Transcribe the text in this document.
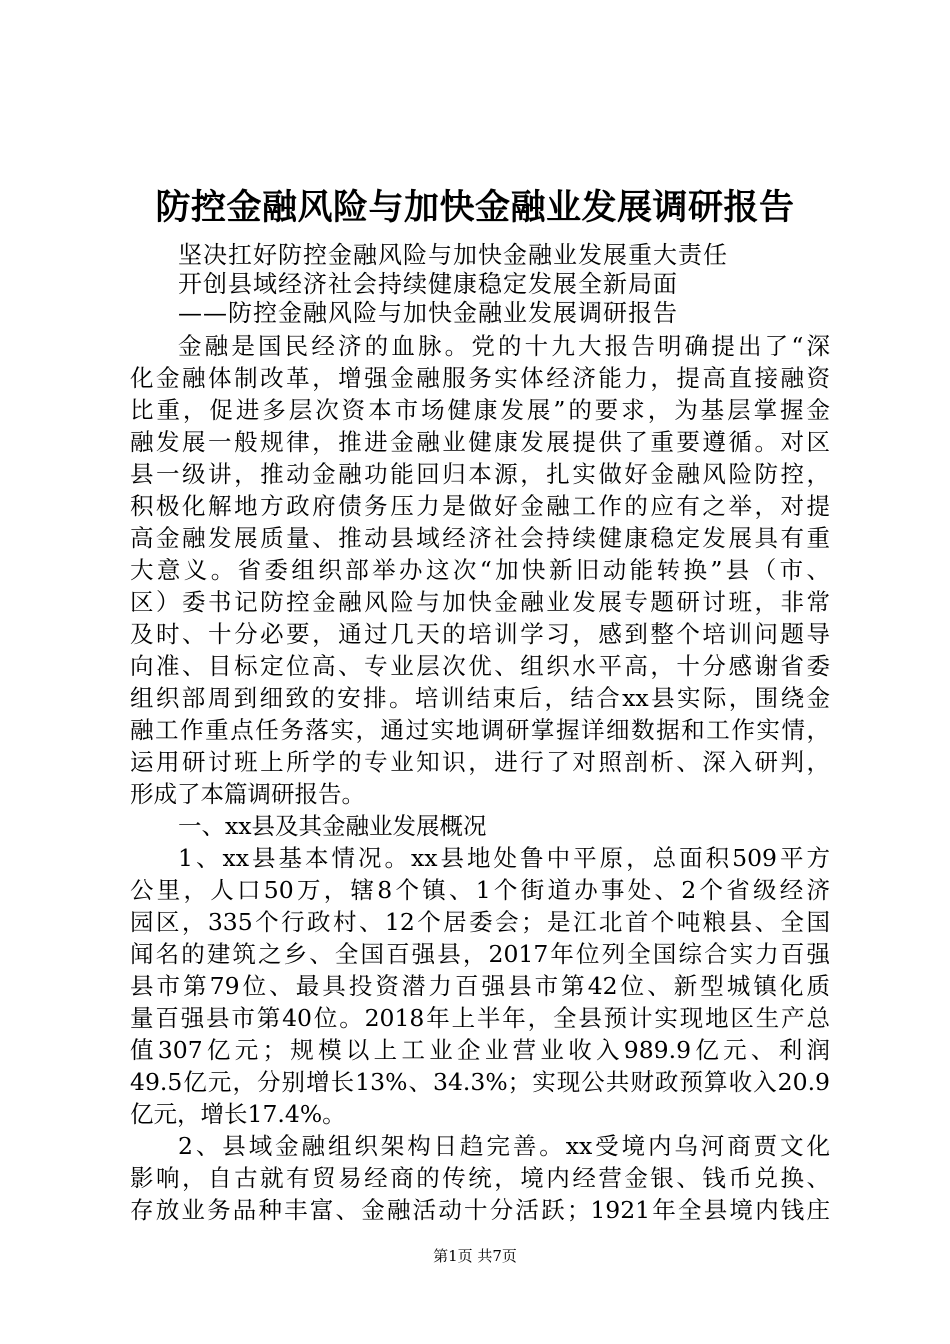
防控金融风险与加快金融业发展调研报告
坚决扛好防控金融风险与加快金融业发展重大责任
开创县域经济社会持续健康稳定发展全新局面
——防控金融风险与加快金融业发展调研报告
金融是国民经济的血脉。党的十九大报告明确提出了“深
化金融体制改革，增强金融服务实体经济能力，提高直接融资
比重，促进多层次资本市场健康发展”的要求，为基层掌握金
融发展一般规律，推进金融业健康发展提供了重要遵循。对区
县一级讲，推动金融功能回归本源，扎实做好金融风险防控，
积极化解地方政府债务压力是做好金融工作的应有之举，对提
高金融发展质量、推动县域经济社会持续健康稳定发展具有重
大意义。省委组织部举办这次“加快新旧动能转换”县（市、
区）委书记防控金融风险与加快金融业发展专题研讨班，非常
及时、十分必要，通过几天的培训学习，感到整个培训问题导
向准、目标定位高、专业层次优、组织水平高，十分感谢省委
组织部周到细致的安排。培训结束后，结合xx县实际，围绕金
融工作重点任务落实，通过实地调研掌握详细数据和工作实情，
运用研讨班上所学的专业知识，进行了对照剖析、深入研判，
形成了本篇调研报告。
一、xx县及其金融业发展概况
1、xx县基本情况。xx县地处鲁中平原，总面积509平方
公里，人口50万，辖8个镇、1个街道办事处、2个省级经济
园区，335个行政村、12个居委会；是江北首个吨粮县、全国
闻名的建筑之乡、全国百强县，2017年位列全国综合实力百强
县市第79位、最具投资潜力百强县市第42位、新型城镇化质
量百强县市第40位。2018年上半年，全县预计实现地区生产总
值307亿元；规模以上工业企业营业收入989.9亿元、利润
49.5亿元，分别增长13%、34.3%；实现公共财政预算收入20.9
亿元，增长17.4%。
2、县域金融组织架构日趋完善。xx受境内乌河商贾文化
影响，自古就有贸易经商的传统，境内经营金银、钱币兑换、
存放业务品种丰富、金融活动十分活跃；1921年全县境内钱庄
第1页 共7页
